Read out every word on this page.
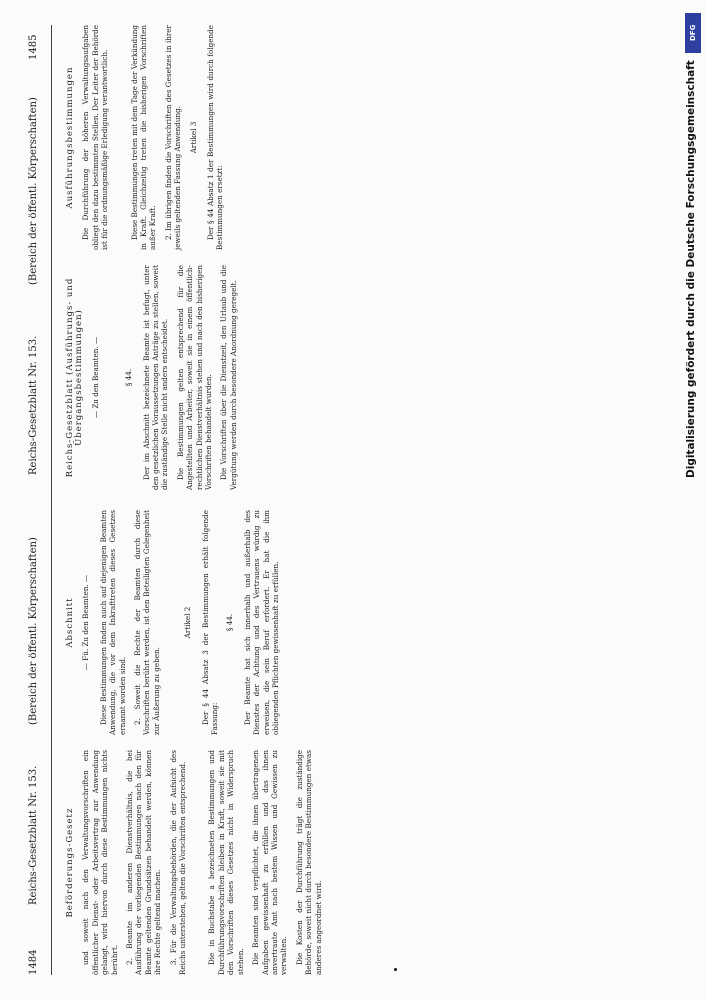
1484
Reichs-Gesetzblatt Nr. 153.
(Bereich der öffentl. Körperschaften)
Reichs-Gesetzblatt Nr. 153.
(Bereich der öffentl. Körperschaften)
1485
Beförderungs-Gesetz und soweit nach den Verwaltungsvorschriften ein öffentlicher Dienst- oder Arbeitsvertrag zur Anwendung gelangt, wird hiervon durch diese Bestimmungen nichts berührt. 2. Beamte im anderen Dienstverhältnis, die bei Ausführung der vorliegenden Bestimmungen nach den für Beamte geltenden Grundsätzen behandelt werden, können ihre Rechte geltend machen. 3. Für die Verwaltungsbehörden, die der Aufsicht des Reichs unterstehen, gelten die Vorschriften entsprechend.	Die in Buchstabe a bezeichneten Bestimmungen und Durchführungsvorschriften bleiben in Kraft, soweit sie mit den Vorschriften dieses Gesetzes nicht in Widerspruch stehen. Die Beamten sind verpflichtet, die ihnen übertragenen Aufgaben gewissenhaft zu erfüllen und das ihnen anvertraute Amt nach bestem Wissen und Gewissen zu verwalten. Die Kosten der Durchführung trägt die zuständige Behörde, soweit nicht durch besondere Bestimmungen etwas anderes angeordnet wird.

Abschnitt — Fü. Zu den Beamten. — Diese Bestimmungen finden auch auf diejenigen Beamten Anwendung, die vor dem Inkrafttreten dieses Gesetzes ernannt worden sind. 2. Soweit die Rechte der Beamten durch diese Vorschriften berührt werden, ist den Beteiligten Gelegenheit zur Äußerung zu geben.

Artikel 2 Der § 44 Absatz 3 der Bestimmungen erhält folgende Fassung:

§ 44. Der Beamte hat sich innerhalb und außerhalb des Dienstes der Achtung und des Vertrauens würdig zu erweisen, die sein Beruf erfordert. Er hat die ihm obliegenden Pflichten gewissenhaft zu erfüllen.

Reichs-Gesetzblatt (Ausführungs- und Übergangsbestimmungen) — Zu den Beamten. —	§ 44. Der im Abschnitt bezeichnete Beamte ist befugt, unter den gesetzlichen Voraussetzungen Anträge zu stellen, soweit die zuständige Stelle nicht anders entscheidet. Die Bestimmungen gelten entsprechend für die Angestellten und Arbeiter, soweit sie in einem öffentlich-rechtlichen Dienstverhältnis stehen und nach den bisherigen Vorschriften behandelt wurden. Die Vorschriften über die Dienstzeit, den Urlaub und die Vergütung werden durch besondere Anordnung geregelt.

Ausführungsbestimmungen Die Durchführung der höheren Verwaltungsaufgaben obliegt den dazu bestimmten Stellen. Der Leiter der Behörde ist für die ordnungsmäßige Erledigung verantwortlich.	Diese Bestimmungen treten mit dem Tage der Verkündung in Kraft. Gleichzeitig treten die bisherigen Vorschriften außer Kraft. 2. Im übrigen finden die Vorschriften des Gesetzes in ihrer jeweils geltenden Fassung Anwendung. Artikel 3 Der § 44 Absatz 1 der Bestimmungen wird durch folgende Bestimmungen ersetzt:

DFG
Digitalisierung gefördert durch die Deutsche Forschungsgemeinschaft
